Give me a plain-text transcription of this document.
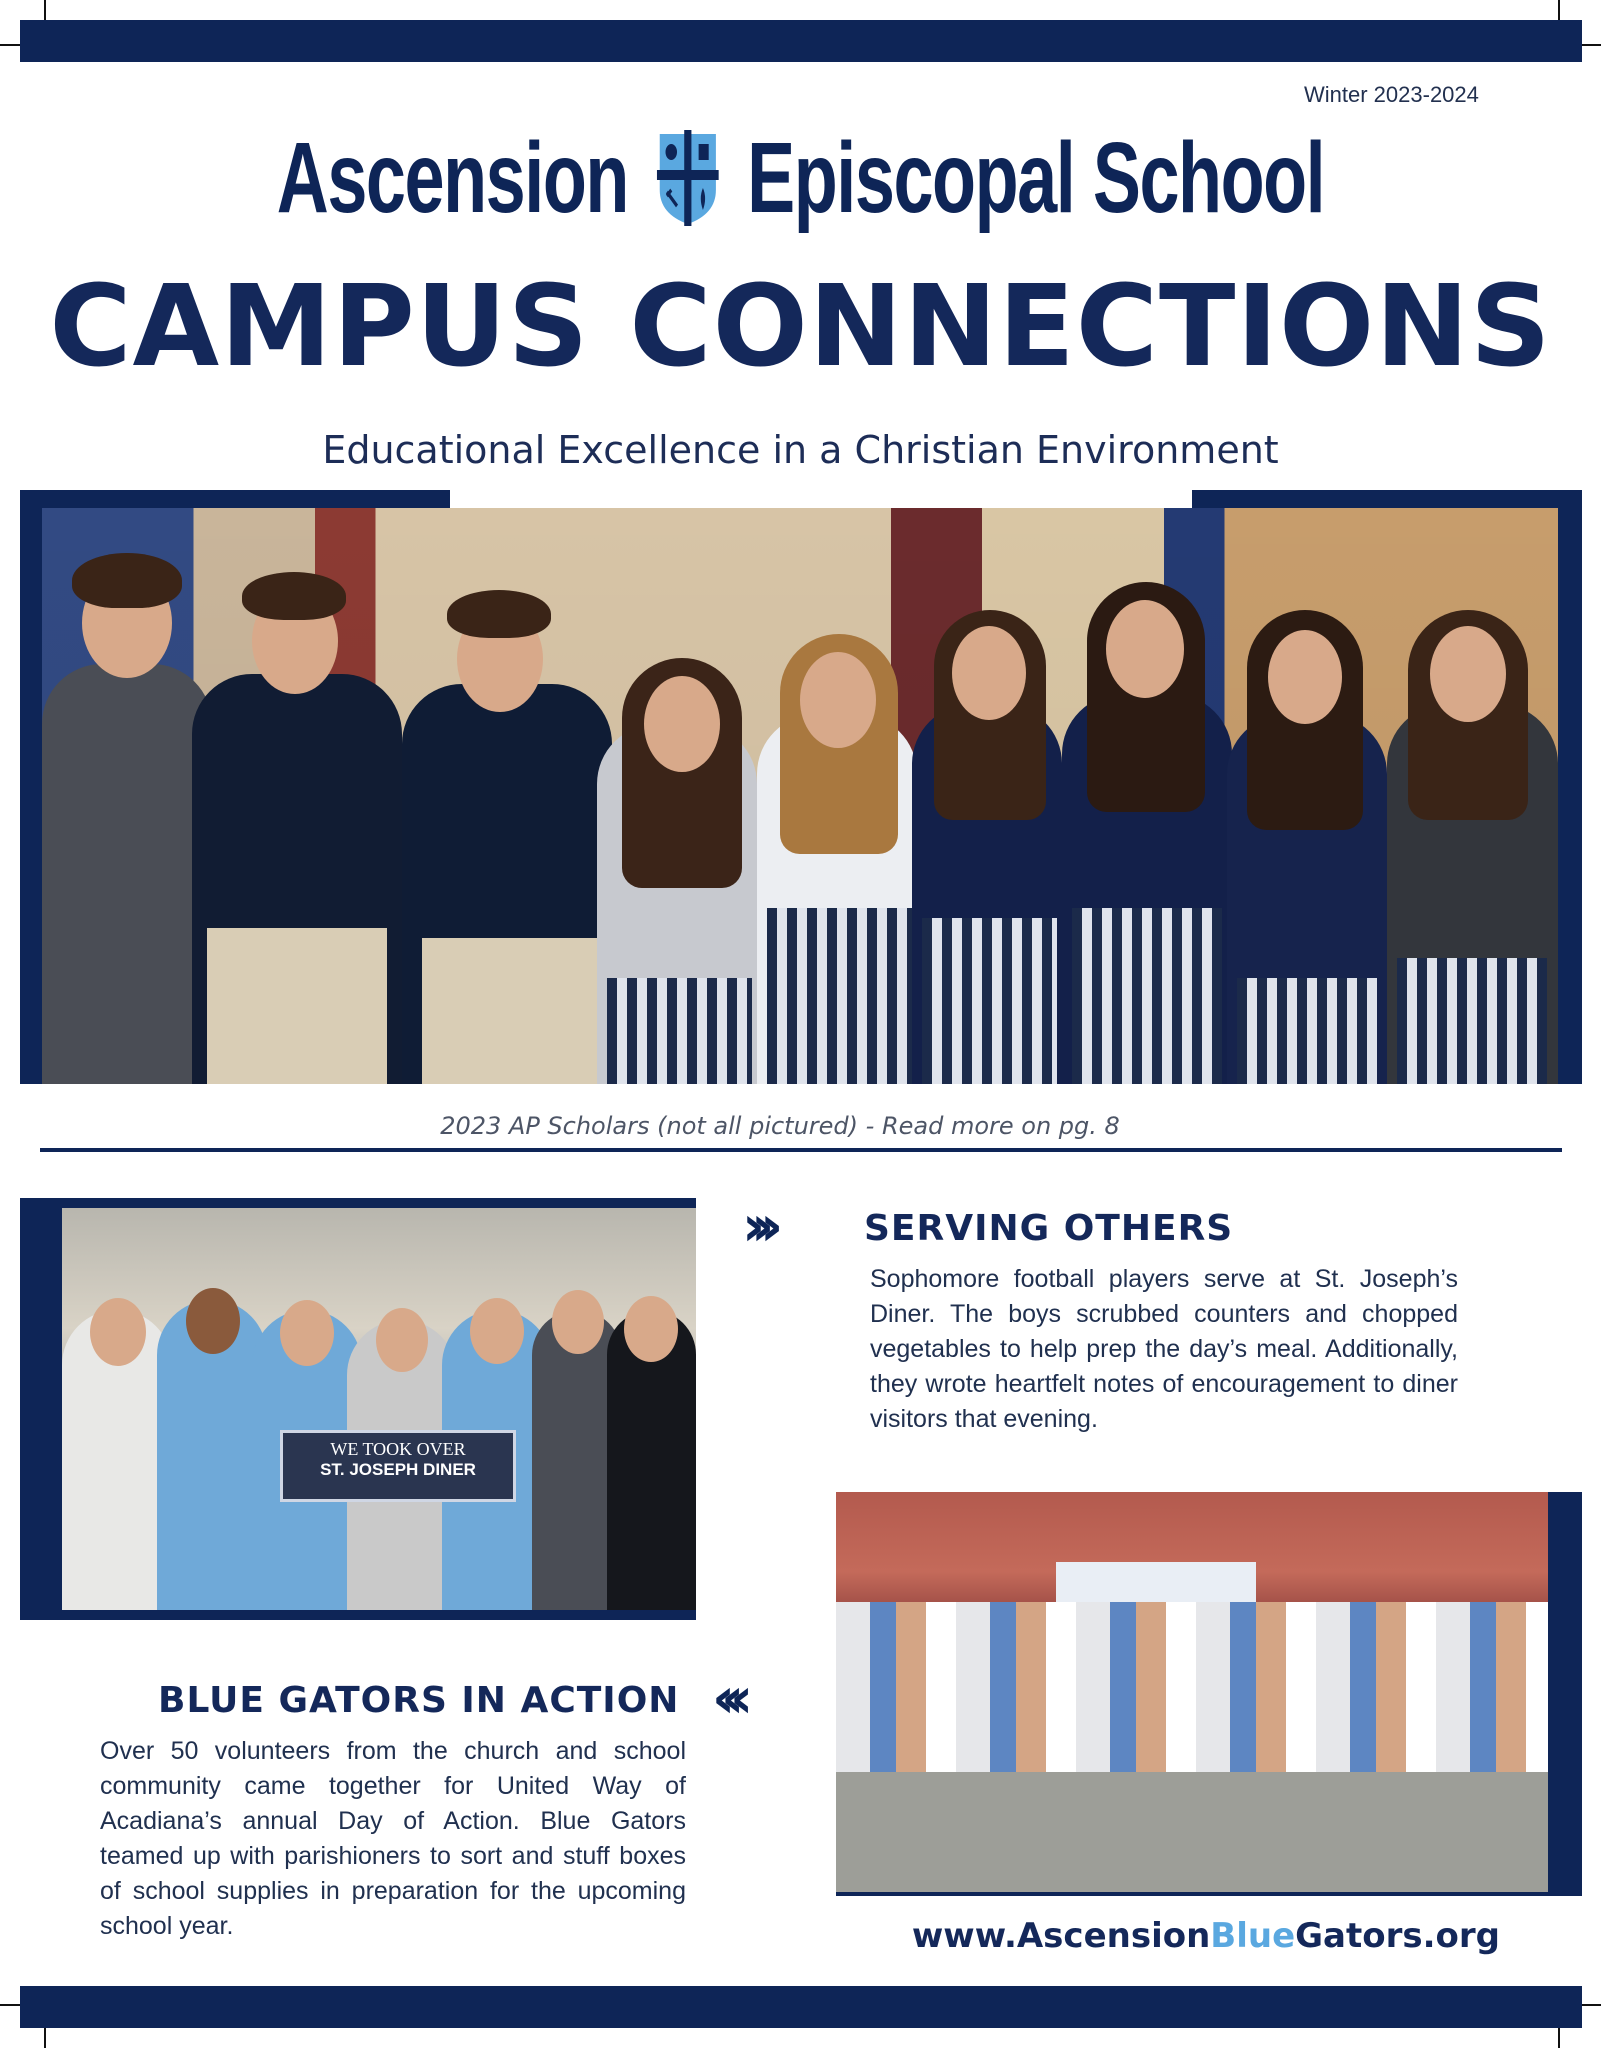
Winter 2023-2024
Ascension Episcopal School
CAMPUS CONNECTIONS
Educational Excellence in a Christian Environment
2023 AP Scholars (not all pictured) - Read more on pg. 8
WE TOOK OVER
ST. JOSEPH DINER
›››	SERVING OTHERS
Sophomore football players serve at St. Joseph’s Diner. The boys scrubbed counters and chopped vegetables to help prep the day’s meal. Additionally, they wrote heartfelt notes of encouragement to diner visitors that evening.
BLUE GATORS IN ACTION ‹‹‹
Over 50 volunteers from the church and school community came together for United Way of Acadiana’s annual Day of Action. Blue Gators teamed up with parishioners to sort and stuff boxes of school supplies in preparation for the upcoming school year.	www.AscensionBlueGators.org
